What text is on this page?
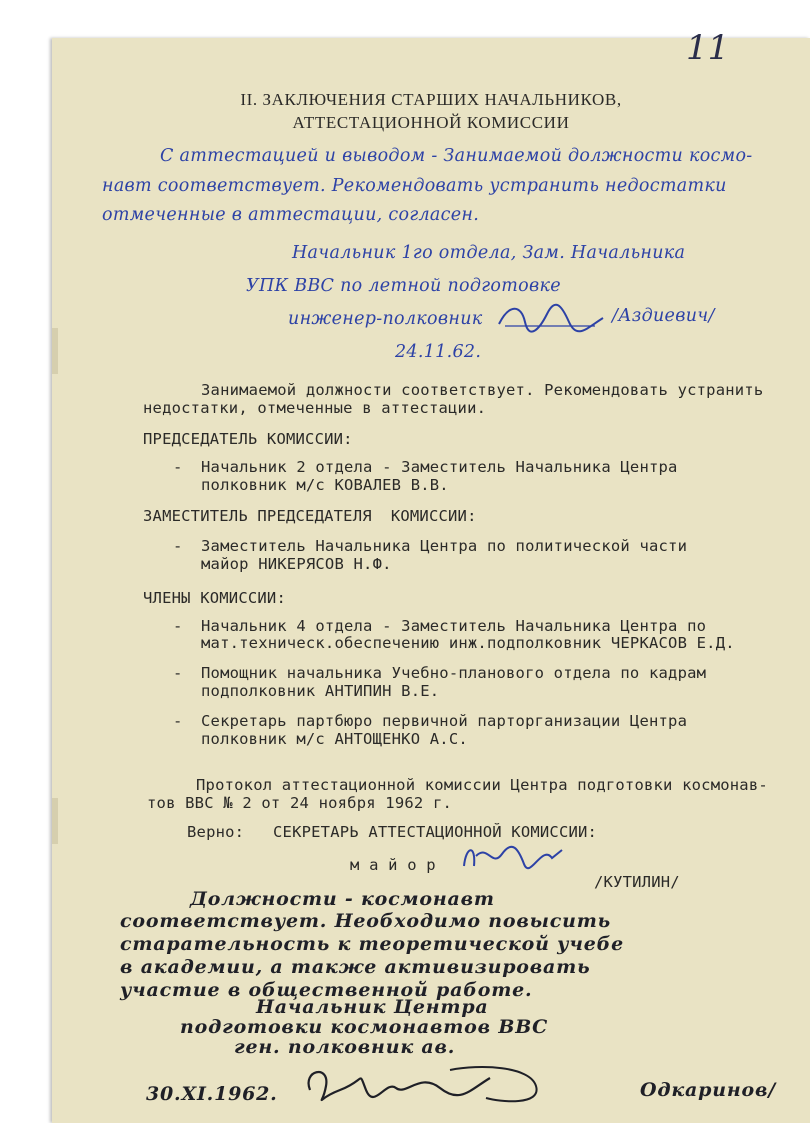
11
II. ЗАКЛЮЧЕНИЯ СТАРШИХ НАЧАЛЬНИКОВ,
АТТЕСТАЦИОННОЙ КОМИССИИ
С аттестацией и выводом - Занимаемой должности космо-
навт соответствует. Рекомендовать устранить недостатки
отмеченные в аттестации, согласен.
Начальник 1го отдела, Зам. Начальника
УПК ВВС по летной подготовке
инженер-полковник	/Аздиевич/
24.11.62.
Занимаемой должности соответствует. Рекомендовать устранить
недостатки, отмеченные в аттестации.
ПРЕДСЕДАТЕЛЬ КОМИССИИ:
- Начальник 2 отдела - Заместитель Начальника Центра
полковник м/с КОВАЛЕВ В.В.
ЗАМЕСТИТЕЛЬ ПРЕДСЕДАТЕЛЯ  КОМИССИИ:
- Заместитель Начальника Центра по политической части
майор НИКЕРЯСОВ Н.Ф.
ЧЛЕНЫ КОМИССИИ:
- Начальник 4 отдела - Заместитель Начальника Центра по
мат.техническ.обеспечению инж.подполковник ЧЕРКАСОВ Е.Д.
- Помощник начальника Учебно-планового отдела по кадрам
подполковник АНТИПИН В.Е.
- Секретарь партбюро первичной парторганизации Центра
полковник м/с АНТОЩЕНКО А.С.
Протокол аттестационной комиссии Центра подготовки космонав-
тов ВВС № 2 от 24 ноября 1962 г.
Верно: СЕКРЕТАРЬ АТТЕСТАЦИОННОЙ КОМИССИИ:
м а й о р
/КУТИЛИН/
Должности - космонавт
соответствует. Необходимо повысить
старательность к теоретической учебе
в академии, а также активизировать
участие в общественной работе.
Начальник Центра
подготовки космонавтов ВВС
ген. полковник ав.
30.XI.1962.	Одкаринов/
